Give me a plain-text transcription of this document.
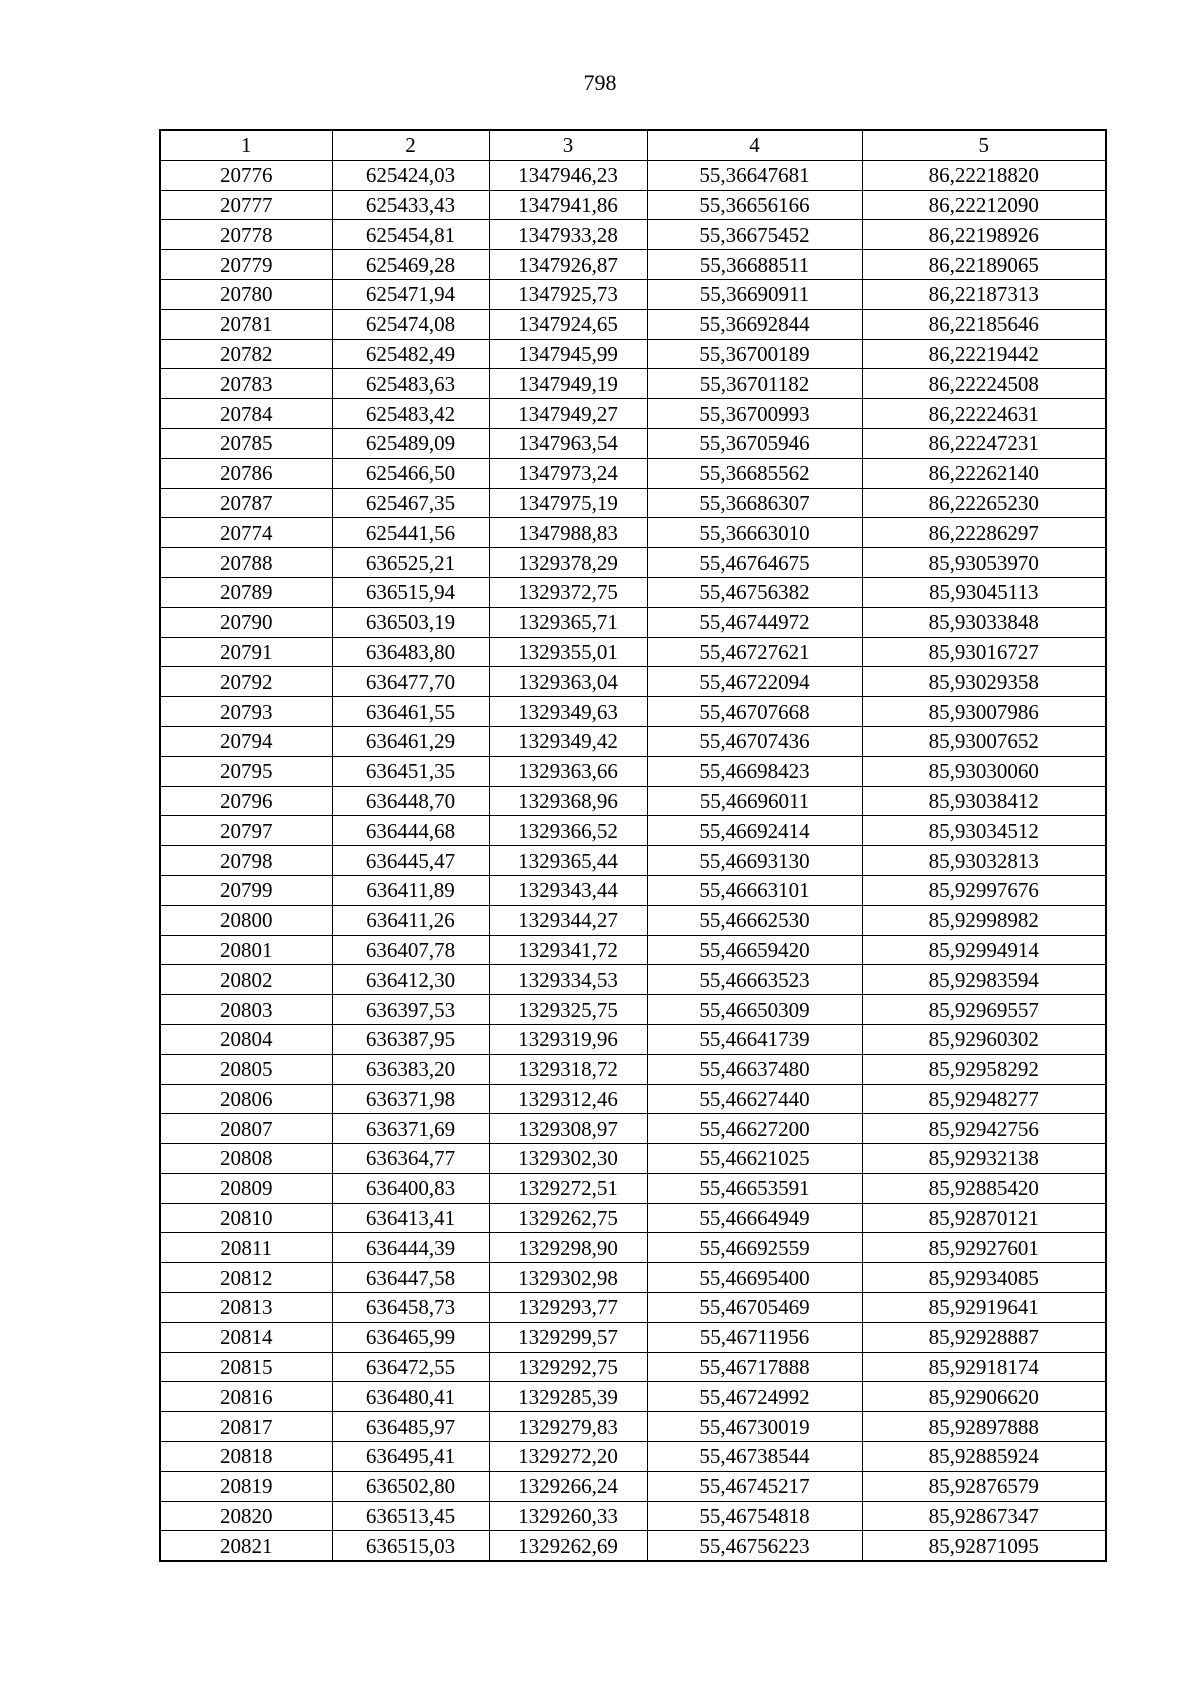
798
1	2	3	4	5
20776	625424,03	1347946,23	55,36647681	86,22218820
20777	625433,43	1347941,86	55,36656166	86,22212090
20778	625454,81	1347933,28	55,36675452	86,22198926
20779	625469,28	1347926,87	55,36688511	86,22189065
20780	625471,94	1347925,73	55,36690911	86,22187313
20781	625474,08	1347924,65	55,36692844	86,22185646
20782	625482,49	1347945,99	55,36700189	86,22219442
20783	625483,63	1347949,19	55,36701182	86,22224508
20784	625483,42	1347949,27	55,36700993	86,22224631
20785	625489,09	1347963,54	55,36705946	86,22247231
20786	625466,50	1347973,24	55,36685562	86,22262140
20787	625467,35	1347975,19	55,36686307	86,22265230
20774	625441,56	1347988,83	55,36663010	86,22286297
20788	636525,21	1329378,29	55,46764675	85,93053970
20789	636515,94	1329372,75	55,46756382	85,93045113
20790	636503,19	1329365,71	55,46744972	85,93033848
20791	636483,80	1329355,01	55,46727621	85,93016727
20792	636477,70	1329363,04	55,46722094	85,93029358
20793	636461,55	1329349,63	55,46707668	85,93007986
20794	636461,29	1329349,42	55,46707436	85,93007652
20795	636451,35	1329363,66	55,46698423	85,93030060
20796	636448,70	1329368,96	55,46696011	85,93038412
20797	636444,68	1329366,52	55,46692414	85,93034512
20798	636445,47	1329365,44	55,46693130	85,93032813
20799	636411,89	1329343,44	55,46663101	85,92997676
20800	636411,26	1329344,27	55,46662530	85,92998982
20801	636407,78	1329341,72	55,46659420	85,92994914
20802	636412,30	1329334,53	55,46663523	85,92983594
20803	636397,53	1329325,75	55,46650309	85,92969557
20804	636387,95	1329319,96	55,46641739	85,92960302
20805	636383,20	1329318,72	55,46637480	85,92958292
20806	636371,98	1329312,46	55,46627440	85,92948277
20807	636371,69	1329308,97	55,46627200	85,92942756
20808	636364,77	1329302,30	55,46621025	85,92932138
20809	636400,83	1329272,51	55,46653591	85,92885420
20810	636413,41	1329262,75	55,46664949	85,92870121
20811	636444,39	1329298,90	55,46692559	85,92927601
20812	636447,58	1329302,98	55,46695400	85,92934085
20813	636458,73	1329293,77	55,46705469	85,92919641
20814	636465,99	1329299,57	55,46711956	85,92928887
20815	636472,55	1329292,75	55,46717888	85,92918174
20816	636480,41	1329285,39	55,46724992	85,92906620
20817	636485,97	1329279,83	55,46730019	85,92897888
20818	636495,41	1329272,20	55,46738544	85,92885924
20819	636502,80	1329266,24	55,46745217	85,92876579
20820	636513,45	1329260,33	55,46754818	85,92867347
20821	636515,03	1329262,69	55,46756223	85,92871095
